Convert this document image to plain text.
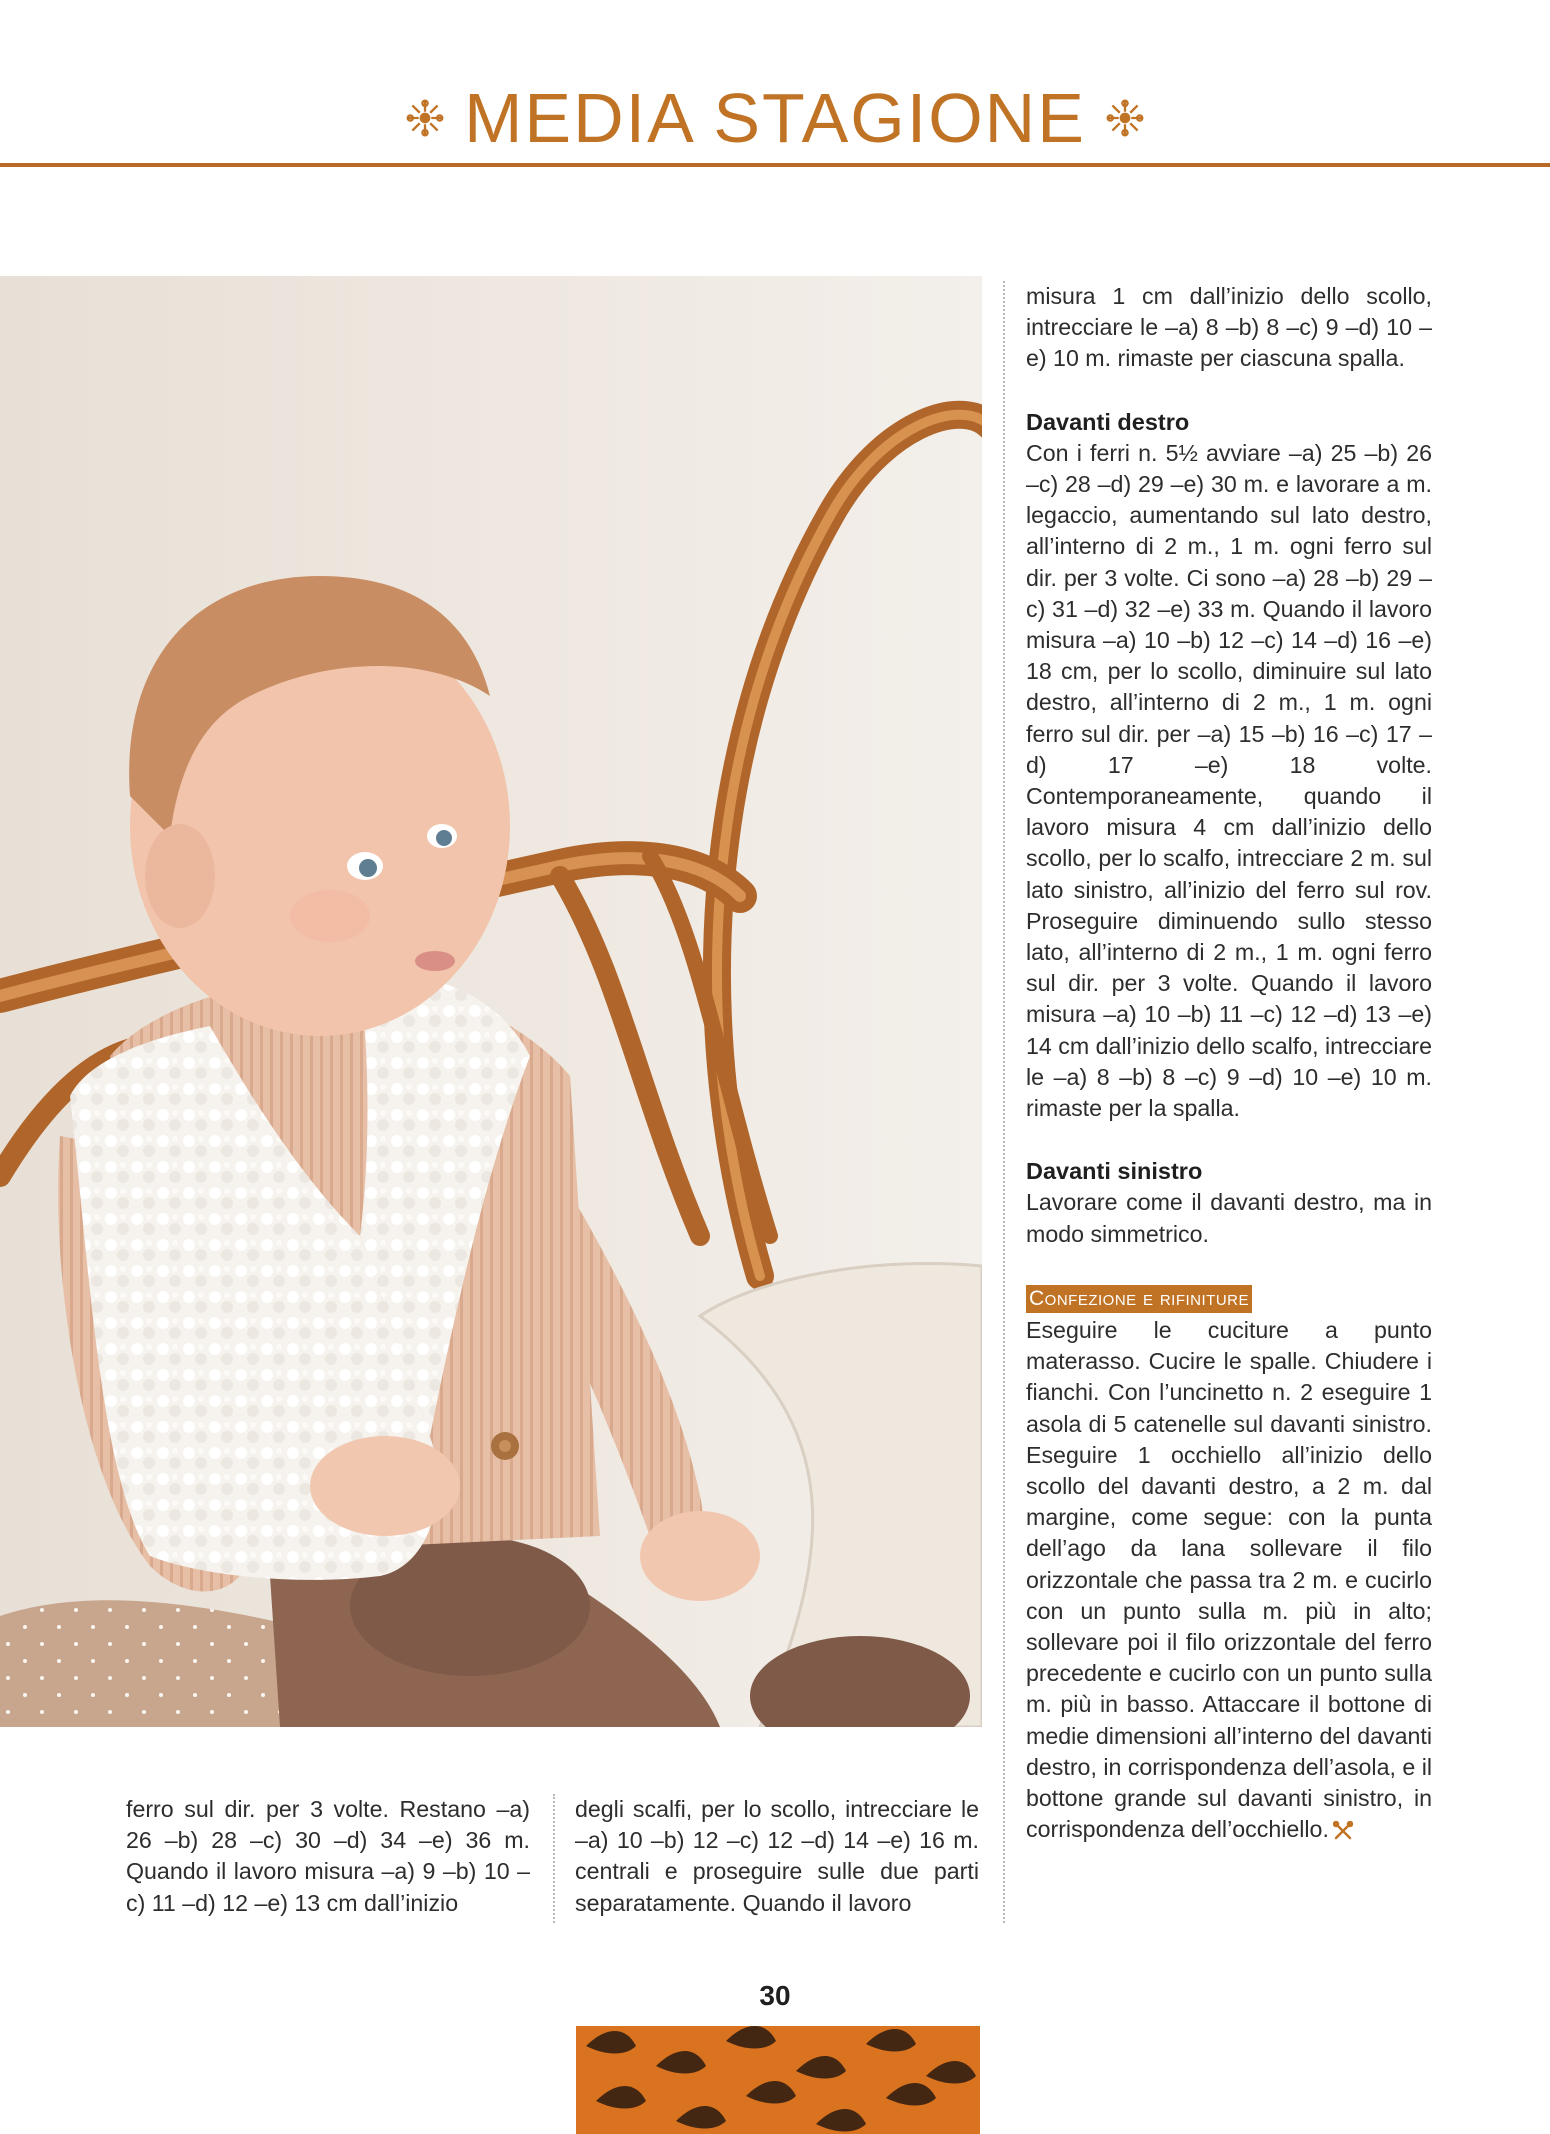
MEDIA STAGIONE

misura 1 cm dall’inizio dello scollo, intrecciare le –a) 8 –b) 8 –c) 9 –d) 10 –e) 10 m. rimaste per ciascuna spalla.

Davanti destro

Con i ferri n. 5½ avviare –a) 25 –b) 26 –c) 28 –d) 29 –e) 30 m. e lavorare a m. legaccio, aumentando sul lato destro, all’interno di 2 m., 1 m. ogni ferro sul dir. per 3 volte. Ci sono –a) 28 –b) 29 –c) 31 –d) 32 –e) 33 m. Quando il lavoro misura –a) 10 –b) 12 –c) 14 –d) 16 –e) 18 cm, per lo scollo, diminuire sul lato destro, all’interno di 2 m., 1 m. ogni ferro sul dir. per –a) 15 –b) 16 –c) 17 –d) 17 –e) 18 volte. Contemporaneamente, quando il lavoro misura 4 cm dall’inizio dello scollo, per lo scalfo, intrecciare 2 m. sul lato sinistro, all’inizio del ferro sul rov. Proseguire diminuendo sullo stesso lato, all’interno di 2 m., 1 m. ogni ferro sul dir. per 3 volte. Quando il lavoro misura –a) 10 –b) 11 –c) 12 –d) 13 –e) 14 cm dall’inizio dello scalfo, intrecciare le –a) 8 –b) 8 –c) 9 –d) 10 –e) 10 m. rimaste per la spalla.

Davanti sinistro

Lavorare come il davanti destro, ma in modo simmetrico.

Confezione e rifiniture

Eseguire le cuciture a punto materasso. Cucire le spalle. Chiudere i fianchi. Con l’uncinetto n. 2 eseguire 1 asola di 5 catenelle sul davanti sinistro. Eseguire 1 occhiello all’inizio dello scollo del davanti destro, a 2 m. dal margine, come segue: con la punta dell’ago da lana sollevare il filo orizzontale che passa tra 2 m. e cucirlo con un punto sulla m. più in alto; sollevare poi il filo orizzontale del ferro precedente e cucirlo con un punto sulla m. più in basso. Attaccare il bottone di medie dimensioni all’interno del davanti destro, in corrispondenza dell’asola, e il bottone grande sul davanti sinistro, in corrispondenza dell’occhiello.

ferro sul dir. per 3 volte. Restano –a) 26 –b) 28 –c) 30 –d) 34 –e) 36 m. Quando il lavoro misura –a) 9 –b) 10 –c) 11 –d) 12 –e) 13 cm dall’inizio

degli scalfi, per lo scollo, intrecciare le –a) 10 –b) 12 –c) 12 –d) 14 –e) 16 m. centrali e proseguire sulle due parti separatamente. Quando il lavoro

30
